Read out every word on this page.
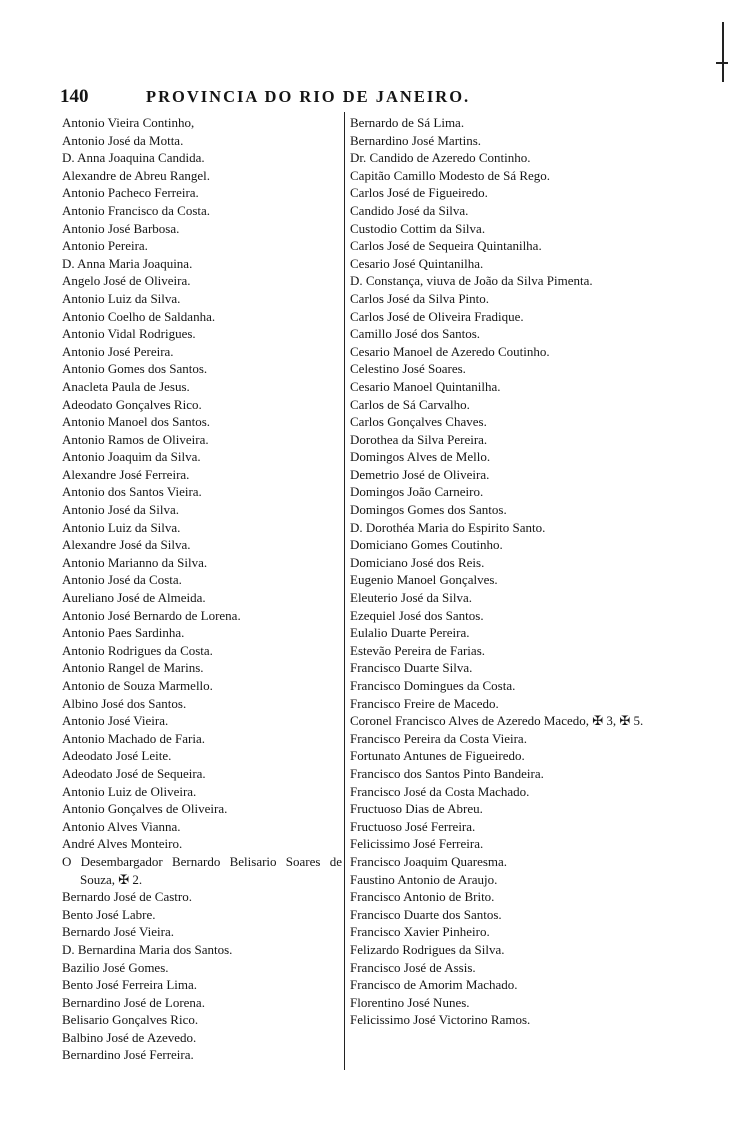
140	PROVINCIA DO RIO DE JANEIRO.
Antonio Vieira Continho,
Antonio José da Motta.
D. Anna Joaquina Candida.
Alexandre de Abreu Rangel.
Antonio Pacheco Ferreira.
Antonio Francisco da Costa.
Antonio José Barbosa.
Antonio Pereira.
D. Anna Maria Joaquina.
Angelo José de Oliveira.
Antonio Luiz da Silva.
Antonio Coelho de Saldanha.
Antonio Vidal Rodrigues.
Antonio José Pereira.
Antonio Gomes dos Santos.
Anacleta Paula de Jesus.
Adeodato Gonçalves Rico.
Antonio Manoel dos Santos.
Antonio Ramos de Oliveira.
Antonio Joaquim da Silva.
Alexandre José Ferreira.
Antonio dos Santos Vieira.
Antonio José da Silva.
Antonio Luiz da Silva.
Alexandre José da Silva.
Antonio Marianno da Silva.
Antonio José da Costa.
Aureliano José de Almeida.
Antonio José Bernardo de Lorena.
Antonio Paes Sardinha.
Antonio Rodrigues da Costa.
Antonio Rangel de Marins.
Antonio de Souza Marmello.
Albino José dos Santos.
Antonio José Vieira.
Antonio Machado de Faria.
Adeodato José Leite.
Adeodato José de Sequeira.
Antonio Luiz de Oliveira.
Antonio Gonçalves de Oliveira.
Antonio Alves Vianna.
André Alves Monteiro.
O Desembargador Bernardo Belisario Soares de Souza, ✠ 2.
Bernardo José de Castro.
Bento José Labre.
Bernardo José Vieira.
D. Bernardina Maria dos Santos.
Bazilio José Gomes.
Bento José Ferreira Lima.
Bernardino José de Lorena.
Belisario Gonçalves Rico.
Balbino José de Azevedo.
Bernardino José Ferreira.
Bernardo de Sá Lima.
Bernardino José Martins.
Dr. Candido de Azeredo Continho.
Capitão Camillo Modesto de Sá Rego.
Carlos José de Figueiredo.
Candido José da Silva.
Custodio Cottim da Silva.
Carlos José de Sequeira Quintanilha.
Cesario José Quintanilha.
D. Constança, viuva de João da Silva Pimenta.
Carlos José da Silva Pinto.
Carlos José de Oliveira Fradique.
Camillo José dos Santos.
Cesario Manoel de Azeredo Coutinho.
Celestino José Soares.
Cesario Manoel Quintanilha.
Carlos de Sá Carvalho.
Carlos Gonçalves Chaves.
Dorothea da Silva Pereira.
Domingos Alves de Mello.
Demetrio José de Oliveira.
Domingos João Carneiro.
Domingos Gomes dos Santos.
D. Dorothéa Maria do Espirito Santo.
Domiciano Gomes Coutinho.
Domiciano José dos Reis.
Eugenio Manoel Gonçalves.
Eleuterio José da Silva.
Ezequiel José dos Santos.
Eulalio Duarte Pereira.
Estevão Pereira de Farias.
Francisco Duarte Silva.
Francisco Domingues da Costa.
Francisco Freire de Macedo.
Coronel Francisco Alves de Azeredo Macedo, ✠ 3, ✠ 5.
Francisco Pereira da Costa Vieira.
Fortunato Antunes de Figueiredo.
Francisco dos Santos Pinto Bandeira.
Francisco José da Costa Machado.
Fructuoso Dias de Abreu.
Fructuoso José Ferreira.
Felicissimo José Ferreira.
Francisco Joaquim Quaresma.
Faustino Antonio de Araujo.
Francisco Antonio de Brito.
Francisco Duarte dos Santos.
Francisco Xavier Pinheiro.
Felizardo Rodrigues da Silva.
Francisco José de Assis.
Francisco de Amorim Machado.
Florentino José Nunes.
Felicissimo José Victorino Ramos.
